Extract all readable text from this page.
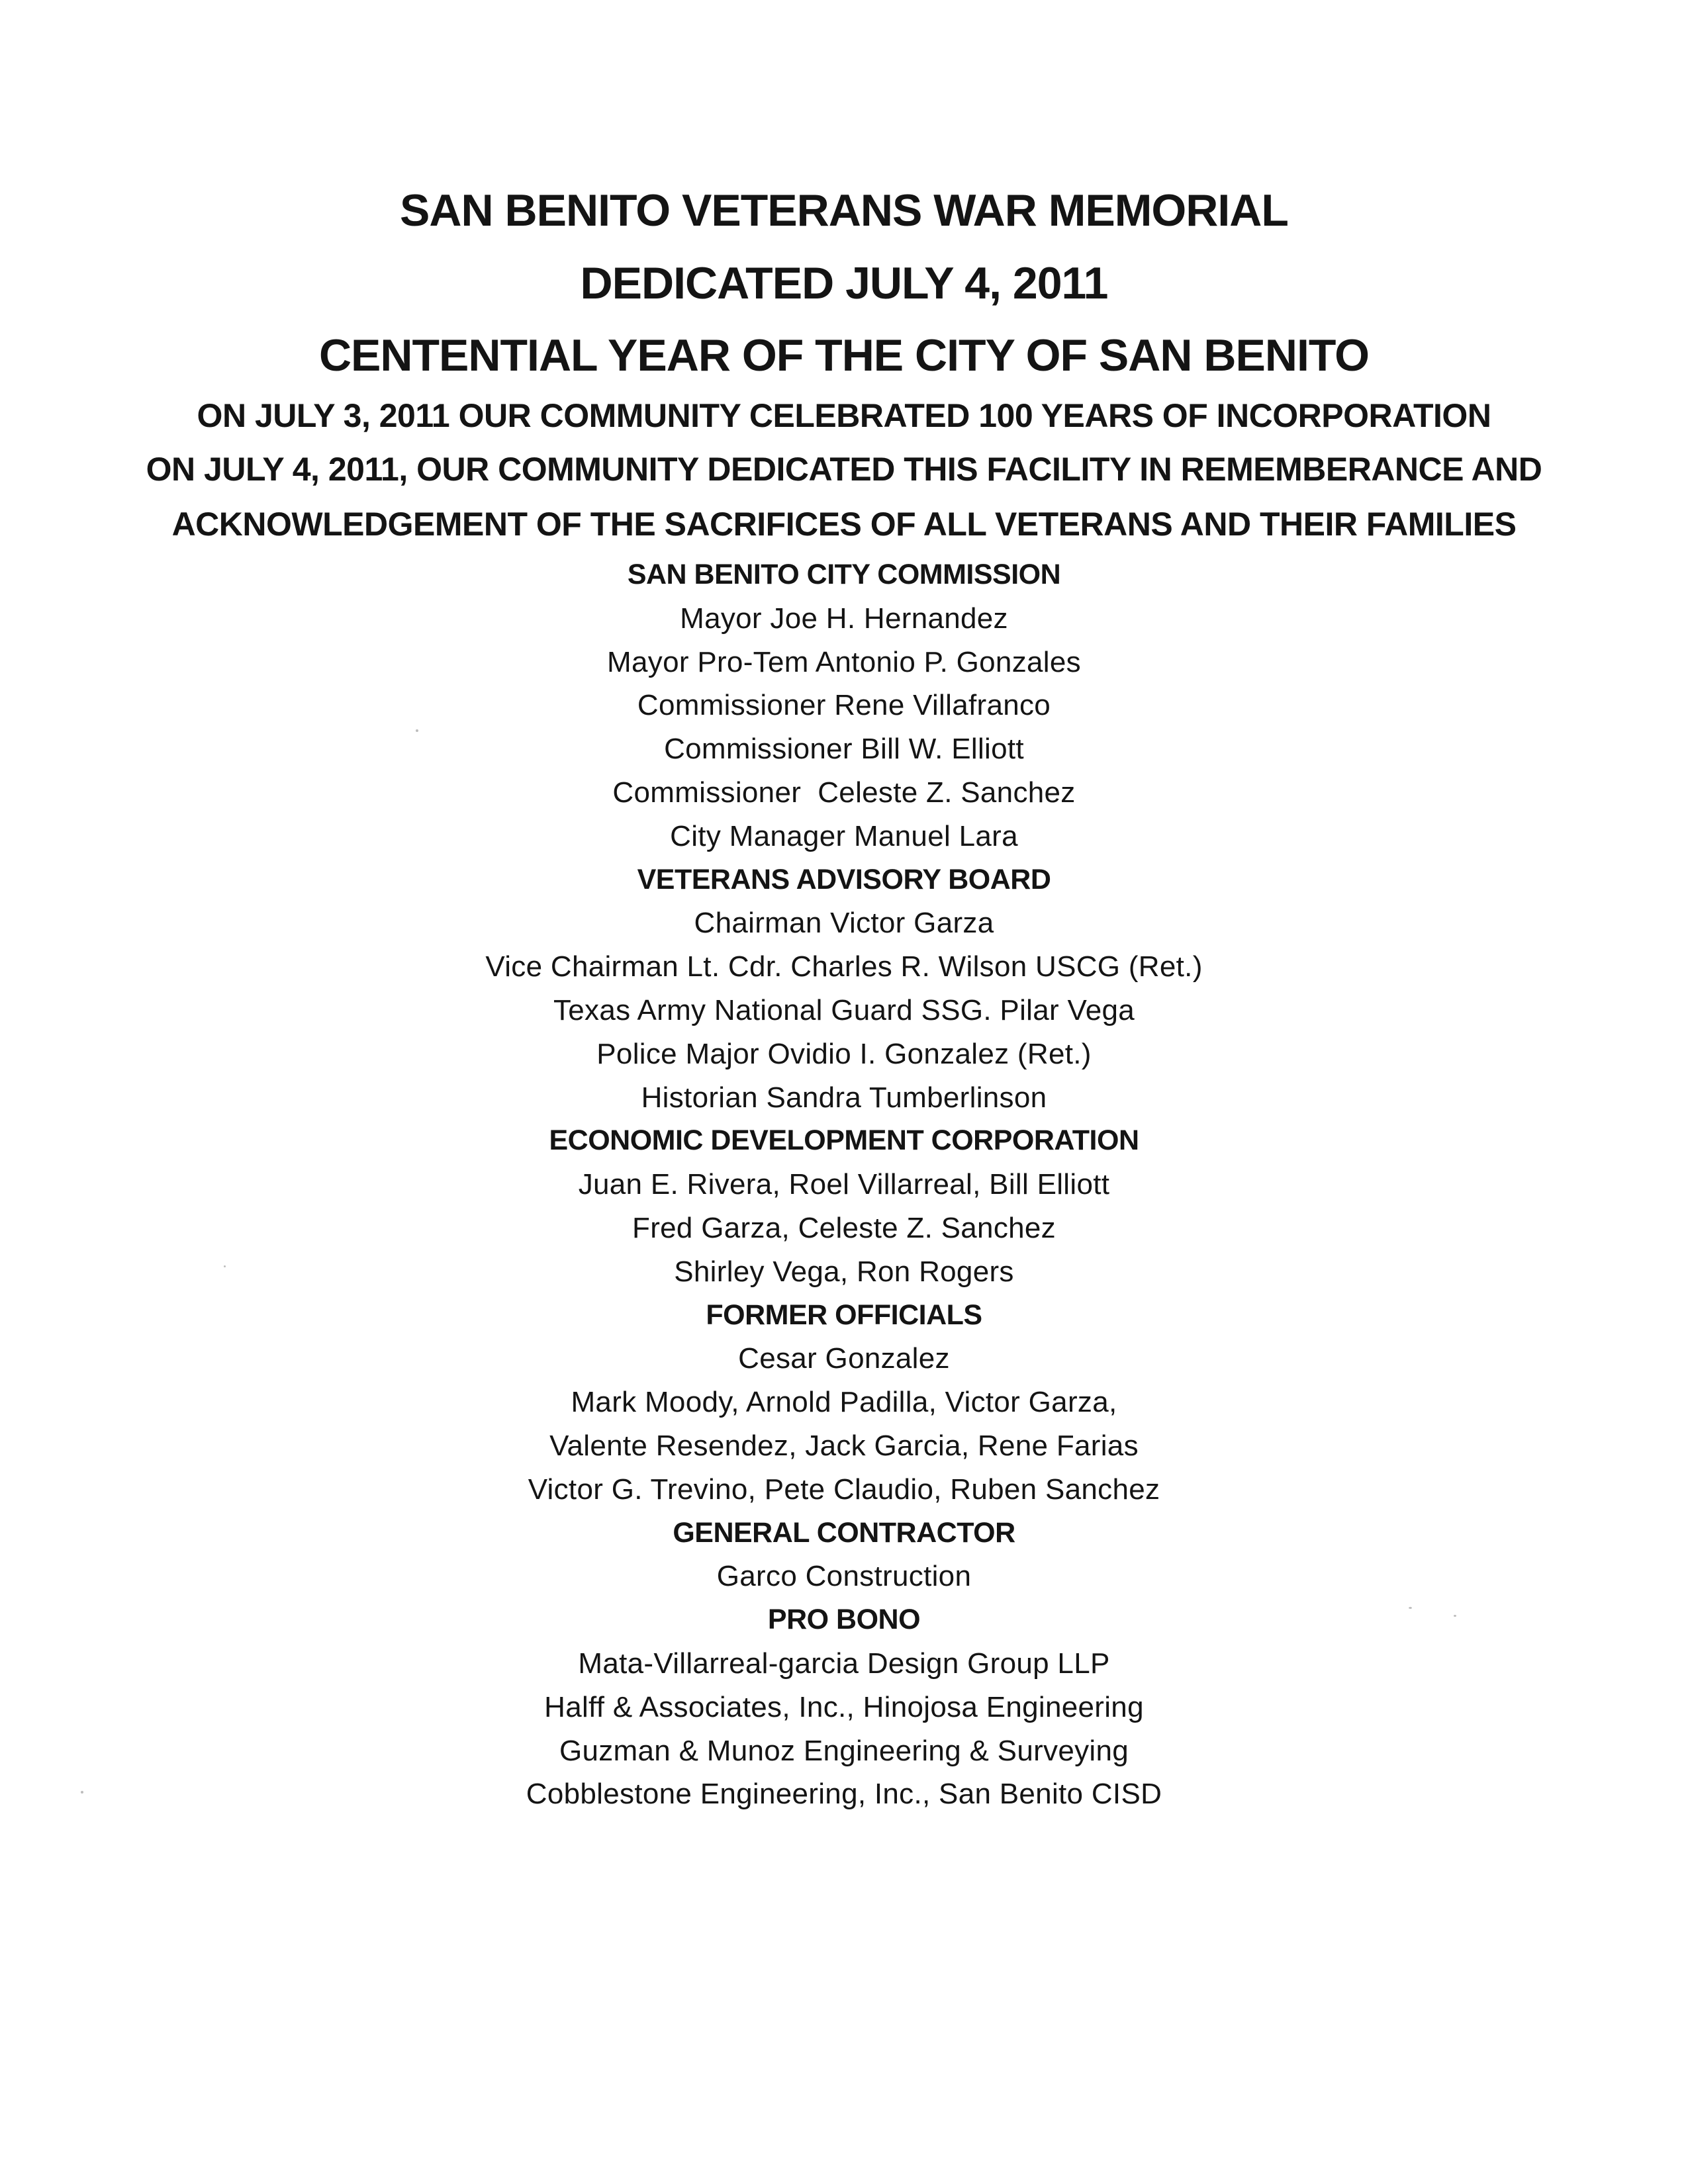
SAN BENITO VETERANS WAR MEMORIAL
DEDICATED JULY 4, 2011
CENTENTIAL YEAR OF THE CITY OF SAN BENITO
ON JULY 3, 2011 OUR COMMUNITY CELEBRATED 100 YEARS OF INCORPORATION
ON JULY 4, 2011, OUR COMMUNITY DEDICATED THIS FACILITY IN REMEMBERANCE AND
ACKNOWLEDGEMENT OF THE SACRIFICES OF ALL VETERANS AND THEIR FAMILIES
SAN BENITO CITY COMMISSION
Mayor Joe H. Hernandez
Mayor Pro-Tem Antonio P. Gonzales
Commissioner Rene Villafranco
Commissioner Bill W. Elliott
Commissioner  Celeste Z. Sanchez
City Manager Manuel Lara
VETERANS ADVISORY BOARD
Chairman Victor Garza
Vice Chairman Lt. Cdr. Charles R. Wilson USCG (Ret.)
Texas Army National Guard SSG. Pilar Vega
Police Major Ovidio I. Gonzalez (Ret.)
Historian Sandra Tumberlinson
ECONOMIC DEVELOPMENT CORPORATION
Juan E. Rivera, Roel Villarreal, Bill Elliott
Fred Garza, Celeste Z. Sanchez
Shirley Vega, Ron Rogers
FORMER OFFICIALS
Cesar Gonzalez
Mark Moody, Arnold Padilla, Victor Garza,
Valente Resendez, Jack Garcia, Rene Farias
Victor G. Trevino, Pete Claudio, Ruben Sanchez
GENERAL CONTRACTOR
Garco Construction
PRO BONO
Mata-Villarreal-garcia Design Group LLP
Halff & Associates, Inc., Hinojosa Engineering
Guzman & Munoz Engineering & Surveying
Cobblestone Engineering, Inc., San Benito CISD
